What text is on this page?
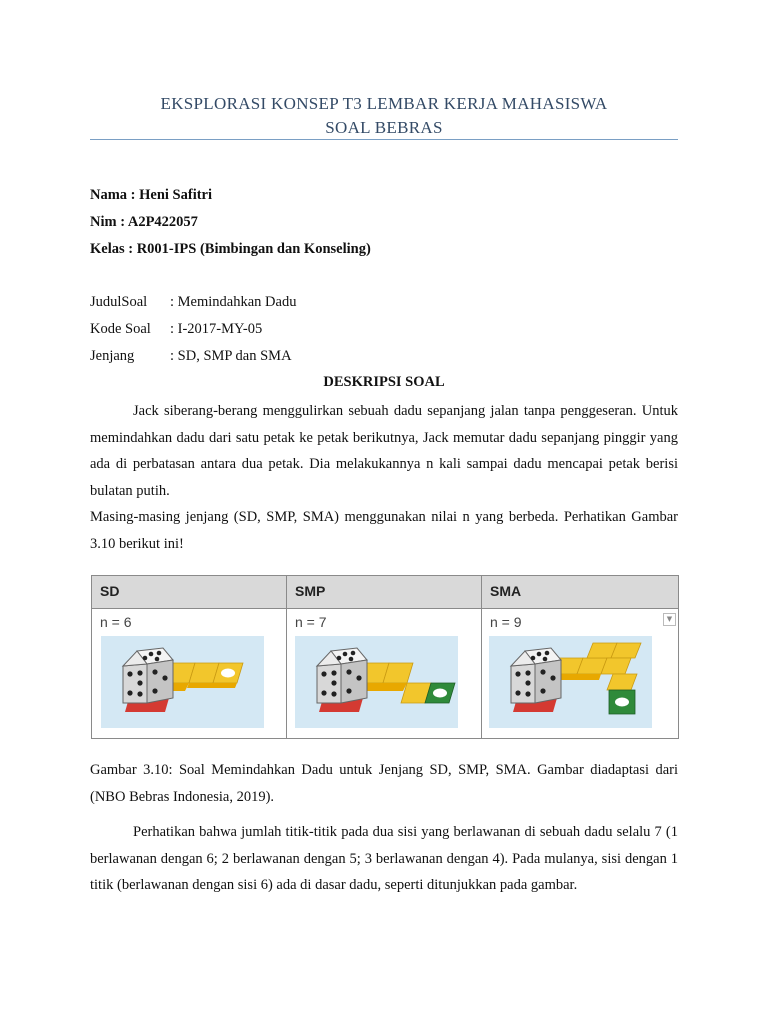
EKSPLORASI KONSEP T3 LEMBAR KERJA MAHASISWA
SOAL BEBRAS
Nama : Heni Safitri
Nim : A2P422057
Kelas : R001-IPS (Bimbingan dan Konseling)
JudulSoal : Memindahkan Dadu
Kode Soal : I-2017-MY-05
Jenjang : SD, SMP dan SMA
DESKRIPSI SOAL

Jack siberang-berang menggulirkan sebuah dadu sepanjang jalan tanpa penggeseran. Untuk memindahkan dadu dari satu petak ke petak berikutnya, Jack memutar dadu sepanjang pinggir yang ada di perbatasan antara dua petak. Dia melakukannya n kali sampai dadu mencapai petak berisi bulatan putih.

Masing-masing jenjang (SD, SMP, SMA) menggunakan nilai n yang berbeda. Perhatikan Gambar 3.10 berikut ini!

SD	SMP	SMA
n = 6	n = 7	n = 9	▼

Gambar 3.10: Soal Memindahkan Dadu untuk Jenjang SD, SMP, SMA. Gambar diadaptasi dari (NBO Bebras Indonesia, 2019).

Perhatikan bahwa jumlah titik-titik pada dua sisi yang berlawanan di sebuah dadu selalu 7 (1 berlawanan dengan 6; 2 berlawanan dengan 5; 3 berlawanan dengan 4). Pada mulanya, sisi dengan 1 titik (berlawanan dengan sisi 6) ada di dasar dadu, seperti ditunjukkan pada gambar.
